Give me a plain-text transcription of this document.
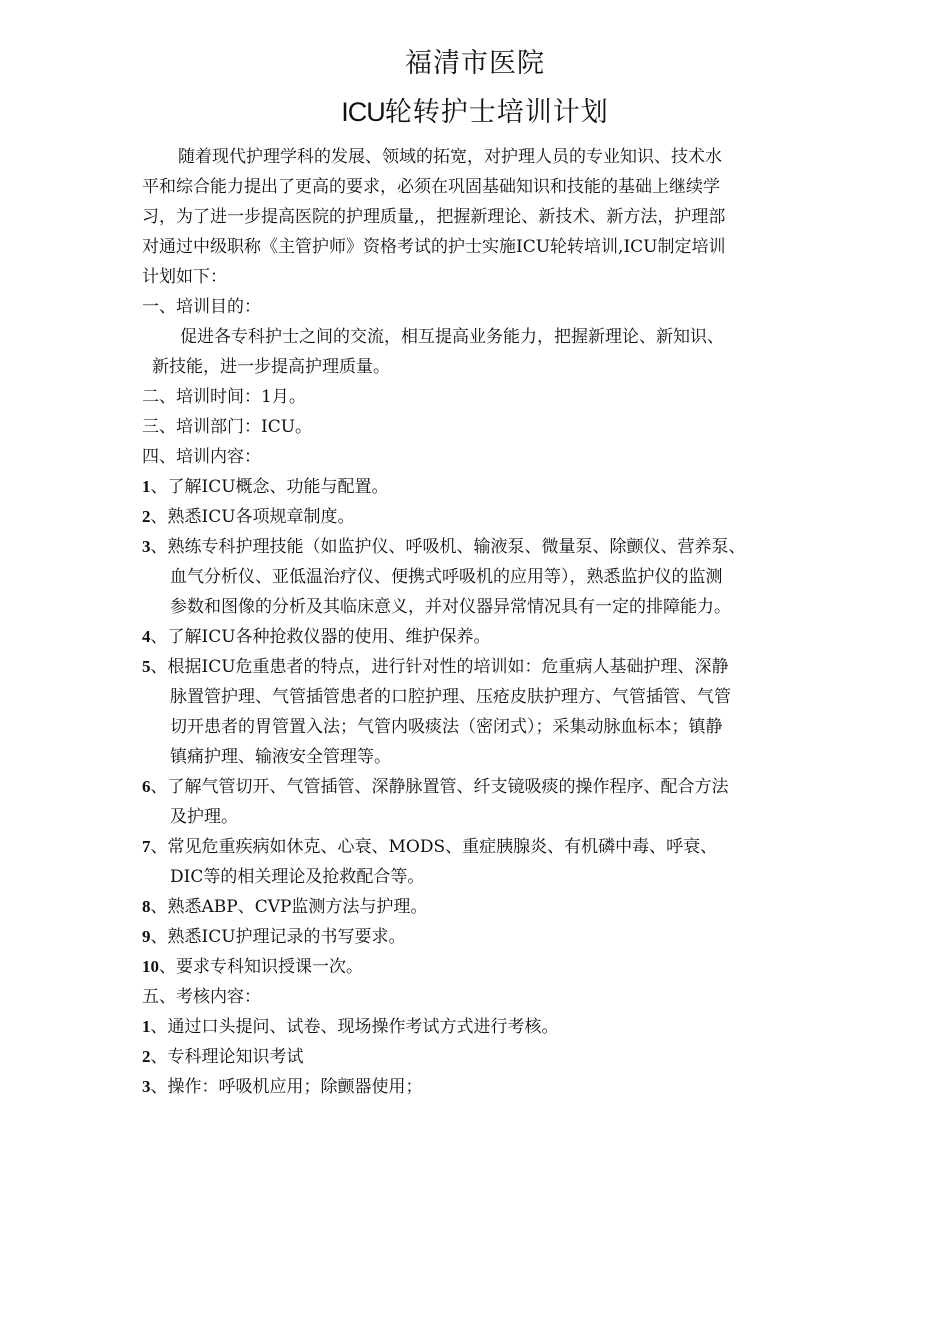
福清市医院
ICU轮转护士培训计划
随着现代护理学科的发展、领域的拓宽，对护理人员的专业知识、技术水
平和综合能力提出了更高的要求，必须在巩固基础知识和技能的基础上继续学
习，为了进一步提高医院的护理质量,，把握新理论、新技术、新方法，护理部
对通过中级职称《主管护师》资格考试的护士实施ICU轮转培训,ICU制定培训
计划如下：
一、培训目的：
促进各专科护士之间的交流，相互提高业务能力，把握新理论、新知识、
新技能，进一步提高护理质量。
二、培训时间：1月。
三、培训部门：ICU。
四、培训内容：
1、了解ICU概念、功能与配置。
2、熟悉ICU各项规章制度。
3、熟练专科护理技能（如监护仪、呼吸机、输液泵、微量泵、除颤仪、营养泵、
血气分析仪、亚低温治疗仪、便携式呼吸机的应用等），熟悉监护仪的监测
参数和图像的分析及其临床意义，并对仪器异常情况具有一定的排障能力。
4、了解ICU各种抢救仪器的使用、维护保养。
5、根据ICU危重患者的特点，进行针对性的培训如：危重病人基础护理、深静
脉置管护理、气管插管患者的口腔护理、压疮皮肤护理方、气管插管、气管
切开患者的胃管置入法；气管内吸痰法（密闭式）；采集动脉血标本；镇静
镇痛护理、输液安全管理等。
6、了解气管切开、气管插管、深静脉置管、纤支镜吸痰的操作程序、配合方法
及护理。
7、常见危重疾病如休克、心衰、MODS、重症胰腺炎、有机磷中毒、呼衰、
DIC等的相关理论及抢救配合等。
8、熟悉ABP、CVP监测方法与护理。
9、熟悉ICU护理记录的书写要求。
10、要求专科知识授课一次。
五、考核内容：
1、通过口头提问、试卷、现场操作考试方式进行考核。
2、专科理论知识考试
3、操作：呼吸机应用；除颤器使用；
